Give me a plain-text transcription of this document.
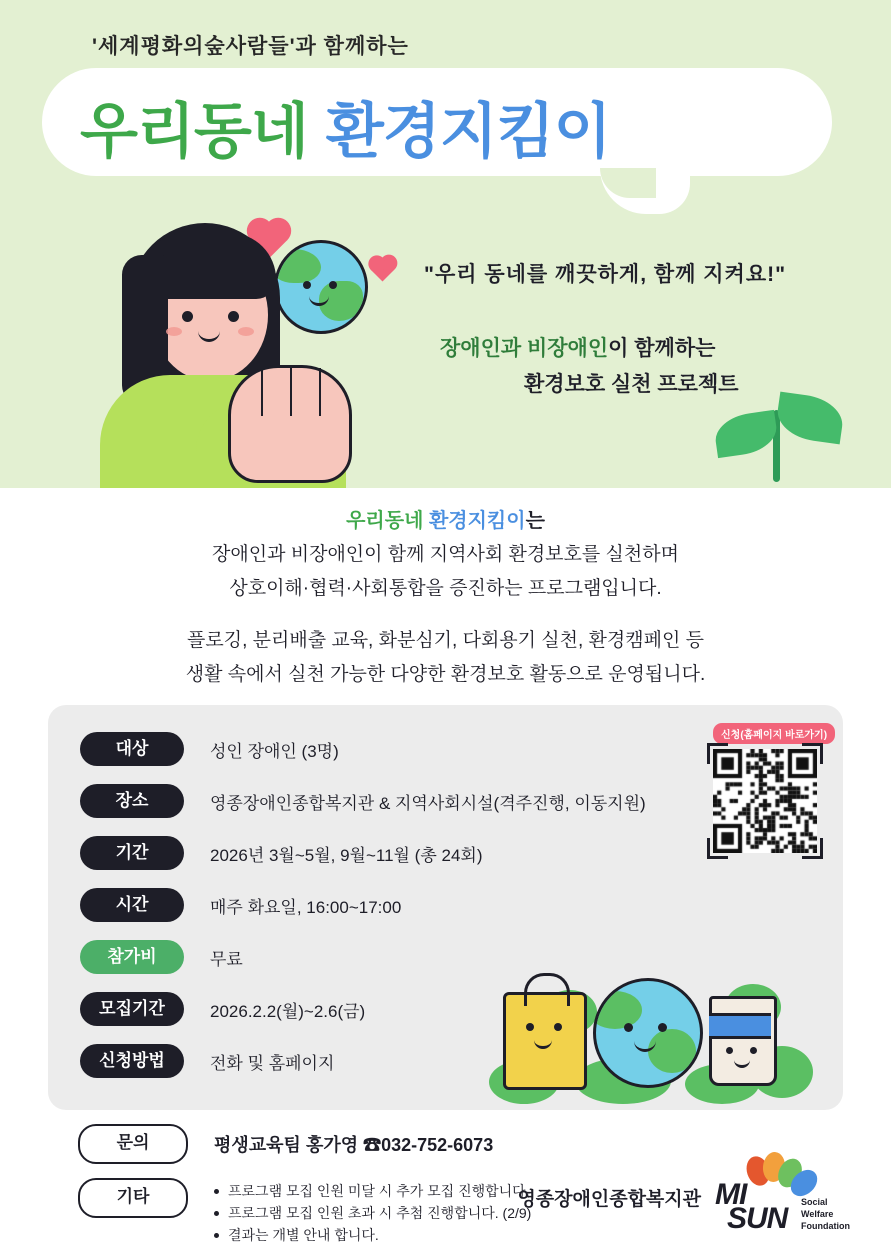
'세계평화의숲사람들'과 함께하는
우리동네 환경지킴이
"우리 동네를 깨끗하게, 함께 지켜요!"
장애인과 비장애인이 함께하는
환경보호 실천 프로젝트
우리동네 환경지킴이는
장애인과 비장애인이 함께 지역사회 환경보호를 실천하며
상호이해·협력·사회통합을 증진하는 프로그램입니다.
플로깅, 분리배출 교육, 화분심기, 다회용기 실천, 환경캠페인 등
생활 속에서 실천 가능한 다양한 환경보호 활동으로 운영됩니다.
대상	성인 장애인 (3명)
장소	영종장애인종합복지관 & 지역사회시설(격주진행, 이동지원)
기간	2026년 3월~5월, 9월~11월 (총 24회)
시간	매주 화요일, 16:00~17:00
참가비	무료
모집기간	2026.2.2(월)~2.6(금)
신청방법	전화 및 홈페이지
신청(홈페이지 바로가기)
문의	평생교육팀 홍가영 ☎032-752-6073
기타	프로그램 모집 인원 미달 시 추가 모집 진행합니다.
프로그램 모집 인원 초과 시 추첨 진행합니다. (2/9)
결과는 개별 안내 합니다.
영종장애인종합복지관 MI
SUN Social Welfare
Foundation
